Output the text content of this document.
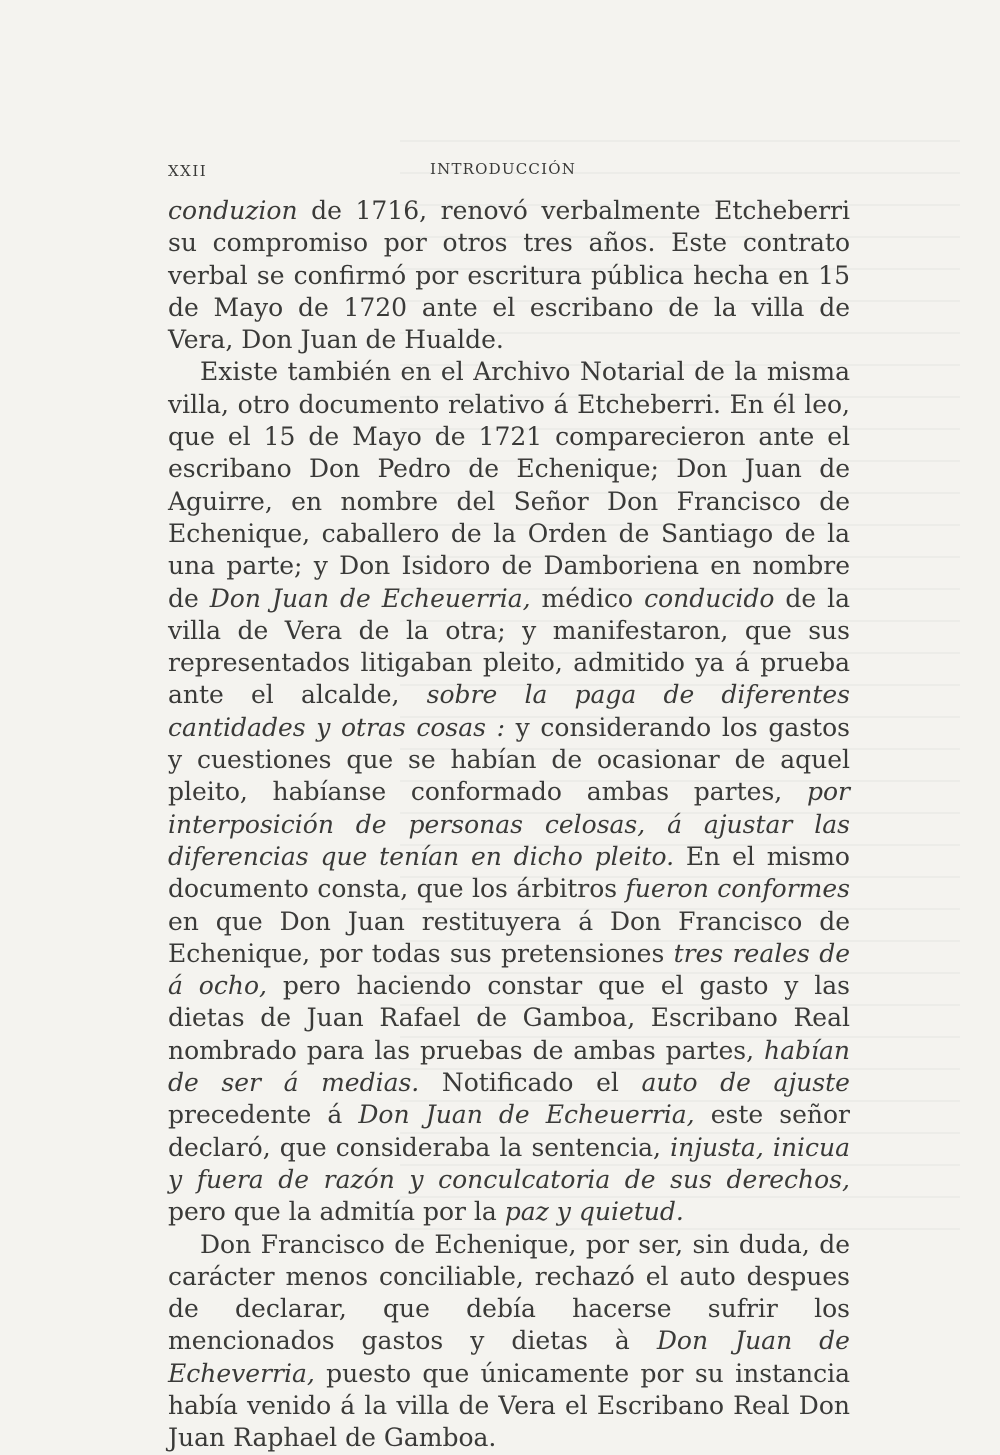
XXII	INTRODUCCIÓN

conduzion de 1716, renovó verbalmente Etcheberri su compromiso por otros tres años. Este contrato verbal se confirmó por escritura pública hecha en 15 de Mayo de 1720 ante el escribano de la villa de Vera, Don Juan de Hualde.

Existe también en el Archivo Notarial de la misma villa, otro documento relativo á Etcheberri. En él leo, que el 15 de Mayo de 1721 comparecieron ante el escribano Don Pedro de Echenique; Don Juan de Aguirre, en nombre del Señor Don Francisco de Echenique, caballero de la Orden de Santiago de la una parte; y Don Isidoro de Damboriena en nombre de Don Juan de Echeuerria, médico conducido de la villa de Vera de la otra; y manifestaron, que sus representados litigaban pleito, admitido ya á prueba ante el alcalde, sobre la paga de diferentes cantidades y otras cosas : y considerando los gastos y cuestiones que se habían de ocasionar de aquel pleito, habíanse conformado ambas partes, por interposición de personas celosas, á ajustar las diferencias que tenían en dicho pleito. En el mismo documento consta, que los árbitros fueron conformes en que Don Juan restituyera á Don Francisco de Echenique, por todas sus pretensiones tres reales de á ocho, pero haciendo constar que el gasto y las dietas de Juan Rafael de Gamboa, Escribano Real nombrado para las pruebas de ambas partes, habían de ser á medias. Notificado el auto de ajuste precedente á Don Juan de Echeuerria, este señor declaró, que consideraba la sentencia, injusta, inicua y fuera de razón y conculcatoria de sus derechos, pero que la admitía por la paz y quietud.

Don Francisco de Echenique, por ser, sin duda, de carácter menos conciliable, rechazó el auto despues de declarar, que debía hacerse sufrir los mencionados gastos y dietas à Don Juan de Echeverria, puesto que únicamente por su instancia había venido á la villa de Vera el Escribano Real Don Juan Raphael de Gamboa.
